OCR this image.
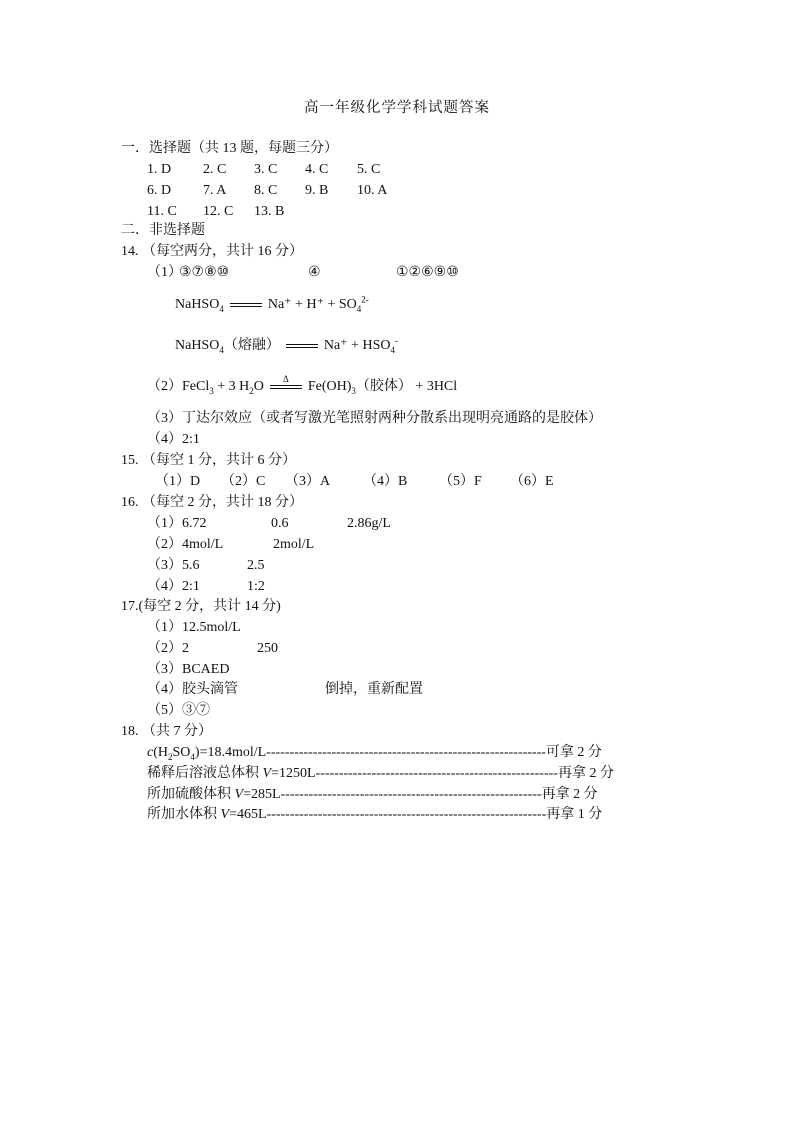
高一年级化学学科试题答案
一．选择题（共 13 题，每题三分）
1. D 2. C 3. C 4. C 5. C
6. D 7. A 8. C 9. B 10. A
11. C 12. C 13. B
二．非选择题
14. （每空两分，共计 16 分）
（1）
③⑦⑧⑩	④	①②⑥⑨⑩
NaHSO$_4$	$Na^+ + H^+ + SO_4^{2-}$
NaHSO$_4$（熔融）	$Na^+ + HSO_4^-$
（2）FeCl$_3$ + 3 $H_2O$
Δ
$Fe(OH)_3$（胶体） + 3HCl
（3）丁达尔效应（或者写激光笔照射两种分散系出现明亮通路的是胶体）
（4）2:1
15. （每空 1 分，共计 6 分）
（1）D （2）C （3）A （4）B （5）F （6）E
16. （每空 2 分，共计 18 分）
（1）6.72	0.6	2.86g/L
（2）4mol/L	2mol/L
（3）5.6	2.5
（4）2:1	1:2
17.(每空 2 分，共计 14 分)
（1）12.5mol/L
（2）2	250
（3）BCAED
（4）胶头滴管	倒掉，重新配置
（5）③⑦
18. （共 7 分）
$c(H_2SO_4)=18.4mol/L------------------------------------------------------------$可拿 2 分
稀释后溶液总体积 V=1250L----------------------------------------------------再拿 2 分
所加硫酸体积 V=285L--------------------------------------------------------再拿 2 分
所加水体积 V=465L------------------------------------------------------------再拿 1 分
